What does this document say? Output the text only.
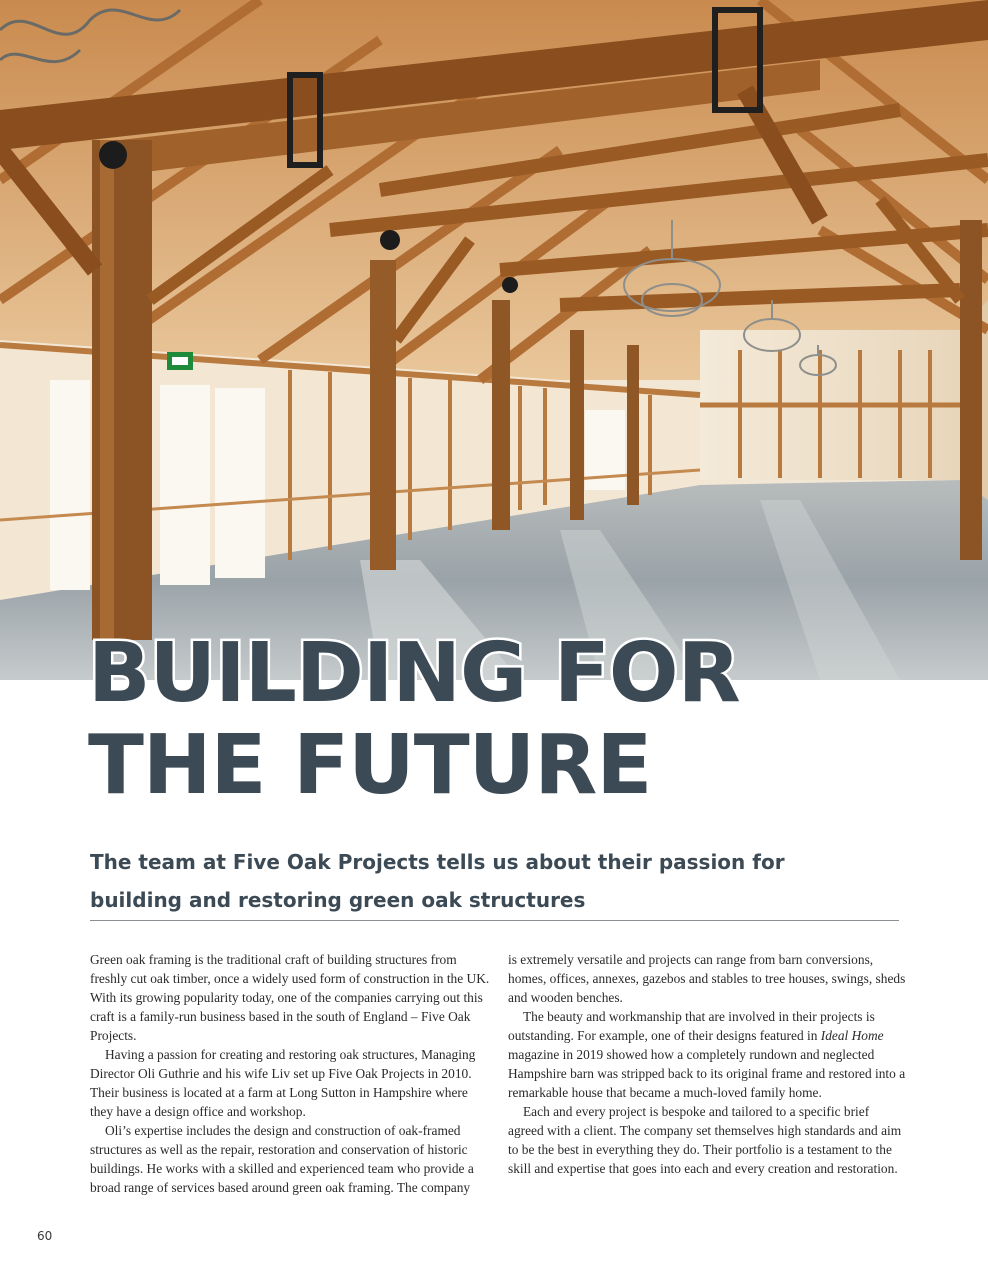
BUILDING FOR
THE FUTURE

The team at Five Oak Projects tells us about their passion for building and restoring green oak structures

Green oak framing is the traditional craft of building structures from freshly cut oak timber, once a widely used form of construction in the UK. With its growing popularity today, one of the companies carrying out this craft is a family-run business based in the south of England – Five Oak Projects.

Having a passion for creating and restoring oak structures, Managing Director Oli Guthrie and his wife Liv set up Five Oak Projects in 2010. Their business is located at a farm at Long Sutton in Hampshire where they have a design office and workshop.

Oli’s expertise includes the design and construction of oak-framed structures as well as the repair, restoration and conservation of historic buildings. He works with a skilled and experienced team who provide a broad range of services based around green oak framing. The company

is extremely versatile and projects can range from barn conversions, homes, offices, annexes, gazebos and stables to tree houses, swings, sheds and wooden benches.

The beauty and workmanship that are involved in their projects is outstanding. For example, one of their designs featured in Ideal Home magazine in 2019 showed how a completely rundown and neglected Hampshire barn was stripped back to its original frame and restored into a remarkable house that became a much-loved family home.

Each and every project is bespoke and tailored to a specific brief agreed with a client. The company set themselves high standards and aim to be the best in everything they do. Their portfolio is a testament to the skill and expertise that goes into each and every creation and restoration.

60
